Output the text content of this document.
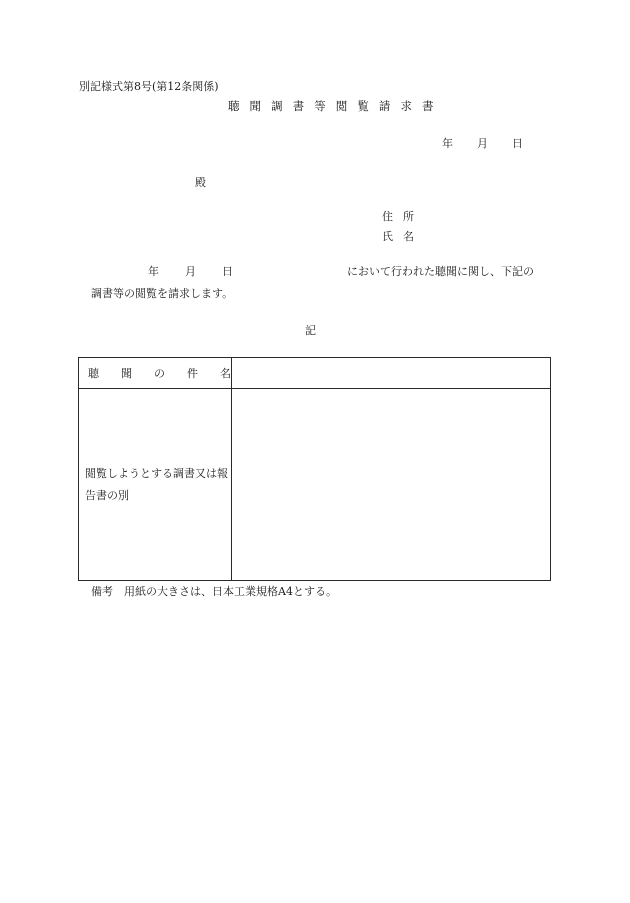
別記様式第8号(第12条関係)
聴 聞 調 書 等 閲 覧 請 求 書
年 月 日
殿
住 所
氏 名
年 月 日	において行われた聴聞に関し、下記の
調書等の閲覧を請求します。
記
聴 聞 の 件 名	

閲覧しようとする調書又は報告書の別	

備考　用紙の大きさは、日本工業規格A4とする。
